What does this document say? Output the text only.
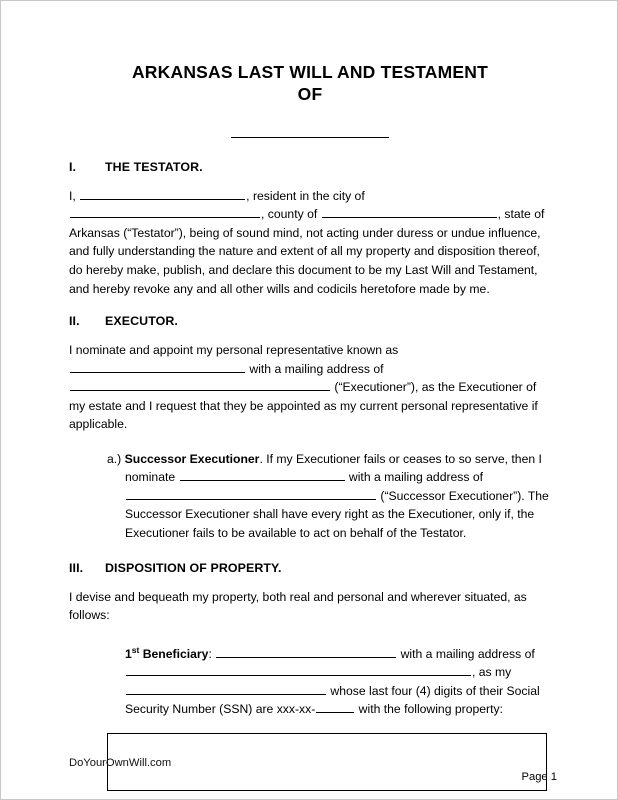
ARKANSAS LAST WILL AND TESTAMENT
OF
I. THE TESTATOR.
I,	, resident in the city of , county of	, state of Arkansas (“Testator”), being of sound mind, not acting under duress or undue influence, and fully understanding the nature and extent of all my property and disposition thereof, do hereby make, publish, and declare this document to be my Last Will and Testament, and hereby revoke any and all other wills and codicils heretofore made by me.
II. EXECUTOR.
I nominate and appoint my personal representative known as  with a mailing address of  (“Executioner”), as the Executioner of my estate and I request that they be appointed as my current personal representative if applicable.
a.) Successor Executioner. If my Executioner fails or ceases to so serve, then I nominate	with a mailing address of  (“Successor Executioner”). The Successor Executioner shall have every right as the Executioner, only if, the Executioner fails to be available to act on behalf of the Testator.
III. DISPOSITION OF PROPERTY.
I devise and bequeath my property, both real and personal and wherever situated, as follows:
1st Beneficiary:	with a mailing address of , as my  whose last four (4) digits of their Social Security Number (SSN) are xxx-xx-	with the following property:
DoYourOwnWill.com
Page 1
